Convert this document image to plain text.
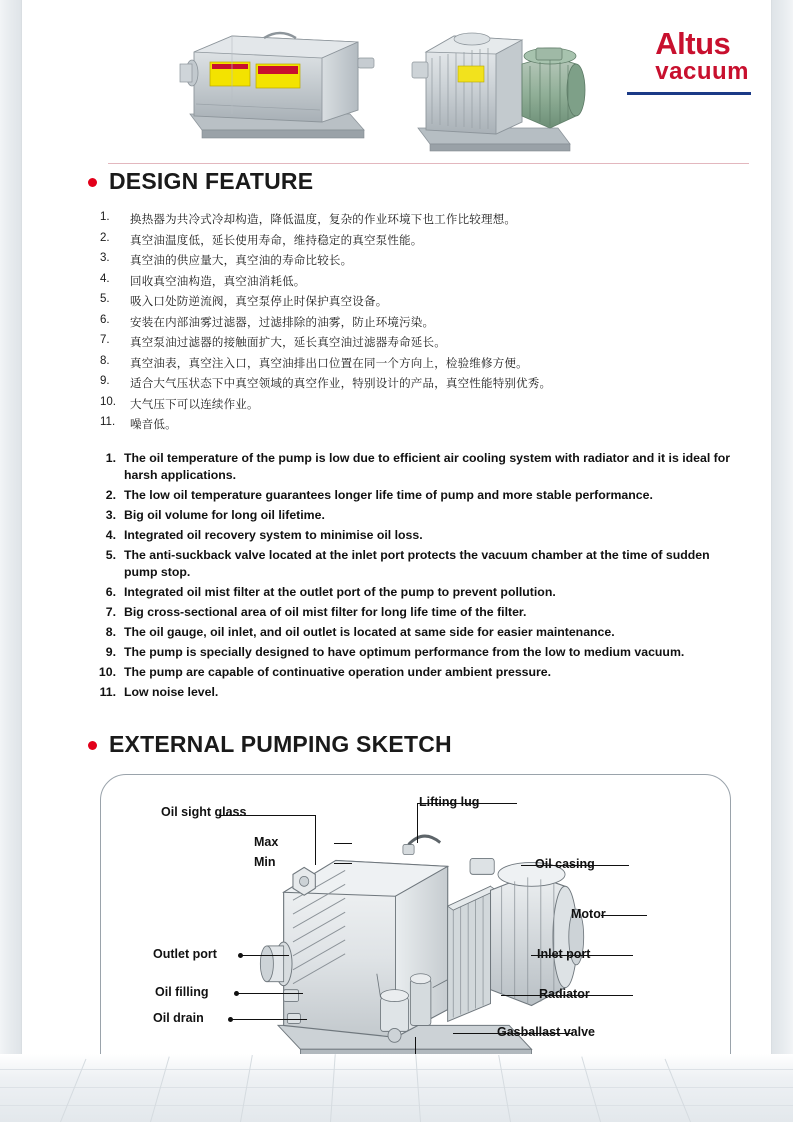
Altus
vacuum
DESIGN FEATURE
1.	换热器为共冷式冷却构造，降低温度，复杂的作业环境下也工作比较理想。
2.	真空油温度低，延长使用寿命，维持稳定的真空泵性能。
3.	真空油的供应量大，真空油的寿命比较长。
4.	回收真空油构造，真空油消耗低。
5.	吸入口处防逆流阀，真空泵停止时保护真空设备。
6.	安装在内部油雾过滤器，过滤排除的油雾，防止环境污染。
7.	真空泵油过滤器的接触面扩大，延长真空油过滤器寿命延长。
8.	真空油表，真空注入口，真空油排出口位置在同一个方向上，检验维修方便。
9.	适合大气压状态下中真空领域的真空作业，特别设计的产品，真空性能特别优秀。
10.	大气压下可以连续作业。
11.	噪音低。
1. The oil temperature of the pump is low due to efficient air cooling system with radiator and it is ideal for harsh applications.
2. The low oil temperature guarantees longer life time of pump and more stable performance.
3. Big oil volume for long oil lifetime.
4. Integrated oil recovery system to minimise oil loss.
5. The anti-suckback valve located at the inlet port protects the vacuum chamber at the time of sudden pump stop.
6. Integrated oil mist filter at the outlet port of the pump to prevent pollution.
7. Big cross-sectional area of oil mist filter for long life time of the filter.
8. The oil gauge, oil inlet, and oil outlet is located at same side for easier maintenance.
9. The pump is specially designed to have optimum performance from the low to medium vacuum.
10. The pump are capable of continuative operation under ambient pressure.
11. Low noise level.
EXTERNAL PUMPING SKETCH
Oil sight glass
Max
Min
Lifting lug
Oil casing
Motor
Inlet port
Radiator
Gasballast valve
Outlet port
Oil filling
Oil drain
